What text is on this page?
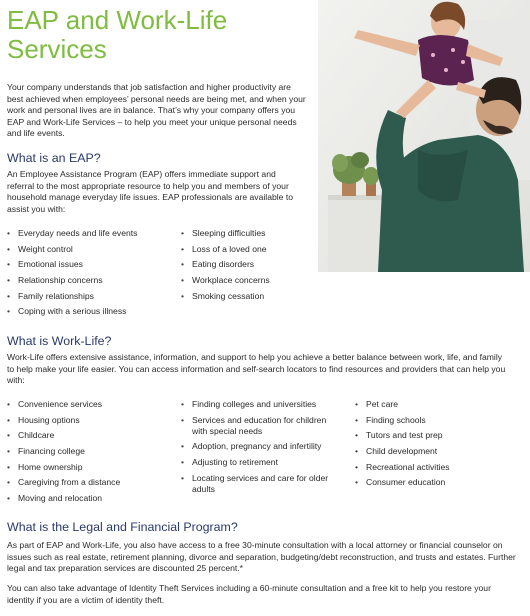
EAP and Work-Life Services

Your company understands that job satisfaction and higher productivity are best achieved when employees’ personal needs are being met, and when your work and personal lives are in balance. That’s why your company offers you EAP and Work-Life Services – to help you meet your unique personal needs and life events.

What is an EAP?

An Employee Assistance Program (EAP) offers immediate support and referral to the most appropriate resource to help you and members of your household manage everyday life issues. EAP professionals are available to assist you with:

• Everyday needs and life events
• Weight control
• Emotional issues
• Relationship concerns
• Family relationships
• Coping with a serious illness
• Sleeping difficulties
• Loss of a loved one
• Eating disorders
• Workplace concerns
• Smoking cessation
What is Work-Life?

Work-Life offers extensive assistance, information, and support to help you achieve a better balance between work, life, and family to help make your life easier. You can access information and self-search locators to find resources and providers that can help you with:

• Convenience services
• Housing options
• Childcare
• Financing college
• Home ownership
• Caregiving from a distance
• Moving and relocation
• Finding colleges and universities
• Services and education for children with special needs
• Adoption, pregnancy and infertility
• Adjusting to retirement
• Locating services and care for older adults
• Pet care
• Finding schools
• Tutors and test prep
• Child development
• Recreational activities
• Consumer education
What is the Legal and Financial Program?

As part of EAP and Work-Life, you also have access to a free 30-minute consultation with a local attorney or financial counselor on issues such as real estate, retirement planning, divorce and separation, budgeting/debt reconstruction, and trusts and estates. Further legal and tax preparation services are discounted 25 percent.*

You can also take advantage of Identity Theft Services including a 60-minute consultation and a free kit to help you restore your identity if you are a victim of identity theft.
